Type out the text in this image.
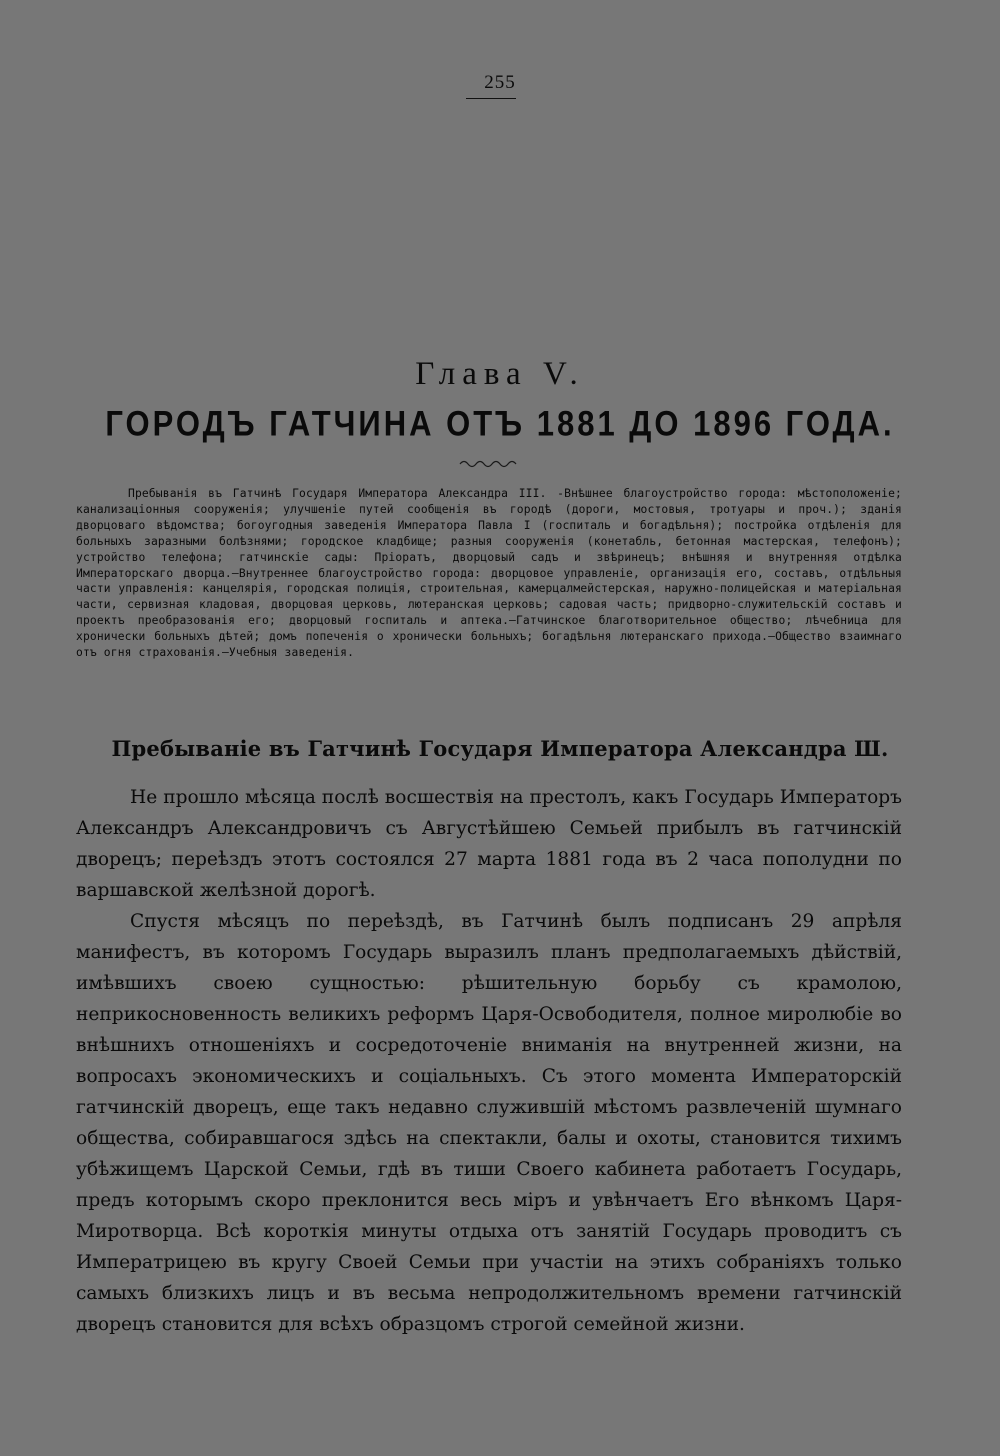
255
Глава V.
ГОРОДЪ ГАТЧИНА ОТЪ 1881 ДО 1896 ГОДА.

Пребыванiя въ Гатчинѣ Государя Императора Александра III. -Внѣшнее благоустройство города: мѣстоположенiе; канализацiонныя сооруженiя; улучшенiе путей сообщенiя въ городѣ (дороги, мостовыя, тротуары и проч.); зданiя дворцоваго вѣдомства; богоугодныя заведенiя Императора Павла I (госпиталь и богадѣльня); постройка отдѣленiя для больныхъ заразными болѣзнями; городское кладбище; разныя сооруженiя (конетабль, бетонная мастерская, телефонъ); устройство телефона; гатчинскiе сады: Прiоратъ, дворцовый садъ и звѣринецъ; внѣшняя и внутренняя отдѣлка Императорскаго дворца.—Внутреннее благоустройство города: дворцовое управленiе, организацiя его, составъ, отдѣльныя части управленiя: канцелярiя, городская полицiя, строительная, камерцалмейстерская, наружно-полицейская и матерiальная части, сервизная кладовая, дворцовая церковь, лютеранская церковь; садовая часть; придворно-служительскiй составъ и проектъ преобразованiя его; дворцовый госпиталь и аптека.—Гатчинское благотворительное общество; лѣчебница для хронически больныхъ дѣтей; домъ попеченiя о хронически больныхъ; богадѣльня лютеранскаго прихода.—Общество взаимнаго отъ огня страхованiя.—Учебныя заведенiя.

Пребыванiе въ Гатчинѣ Государя Императора Александра Ш.

Не прошло мѣсяца послѣ восшествiя на престолъ, какъ Государь Императоръ Александръ Александровичъ съ Августѣйшею Семьей прибылъ въ гатчинскiй дворецъ; переѣздъ этотъ состоялся 27 марта 1881 года въ 2 часа пополудни по варшавской желѣзной дорогѣ.

Спустя мѣсяцъ по переѣздѣ, въ Гатчинѣ былъ подписанъ 29 апрѣля манифестъ, въ которомъ Государь выразилъ планъ предполагаемыхъ дѣйствiй, имѣвшихъ своею сущностью: рѣшительную борьбу съ крамолою, неприкосновенность великихъ реформъ Царя-Освободителя, полное миролюбiе во внѣшнихъ отношенiяхъ и сосредоточенiе вниманiя на внутренней жизни, на вопросахъ экономическихъ и соцiальныхъ. Съ этого момента Императорскiй гатчинскiй дворецъ, еще такъ недавно служившiй мѣстомъ развлеченiй шумнаго общества, собиравшагося здѣсь на спектакли, балы и охоты, становится тихимъ убѣжищемъ Царской Семьи, гдѣ въ тиши Своего кабинета работаетъ Государь, предъ которымъ скоро преклонится весь мiръ и увѣнчаетъ Его вѣнкомъ Царя-Миротворца. Всѣ короткiя минуты отдыха отъ занятiй Государь проводитъ съ Императрицею въ кругу Своей Семьи при участiи на этихъ собранiяхъ только самыхъ близкихъ лицъ и въ весьма непродолжительномъ времени гатчинскiй дворецъ становится для всѣхъ образцомъ строгой семейной жизни.
